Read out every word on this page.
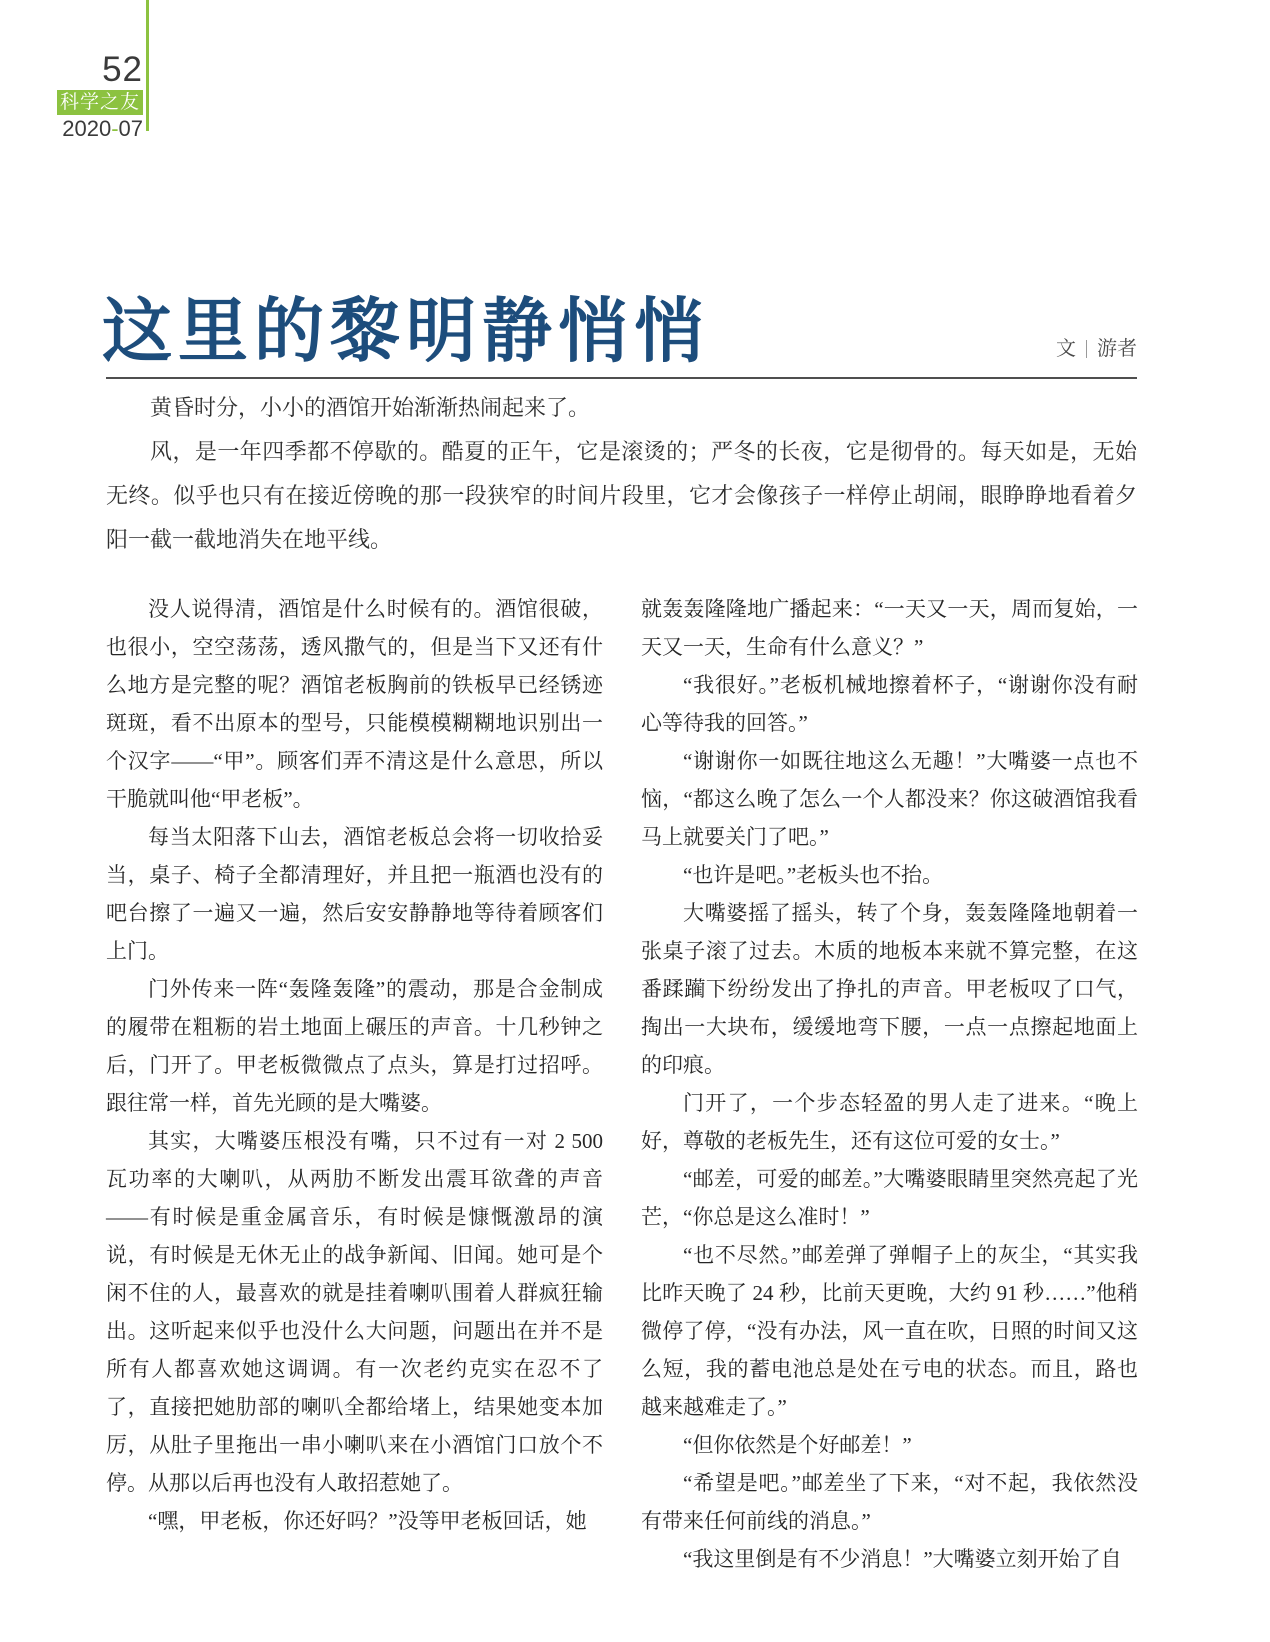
52
科学之友
2020-07
这里的黎明静悄悄	文 游者

黄昏时分，小小的酒馆开始渐渐热闹起来了。

风，是一年四季都不停歇的。酷夏的正午，它是滚烫的；严冬的长夜，它是彻骨的。每天如是，无始无终。似乎也只有在接近傍晚的那一段狭窄的时间片段里，它才会像孩子一样停止胡闹，眼睁睁地看着夕阳一截一截地消失在地平线。

没人说得清，酒馆是什么时候有的。酒馆很破，也很小，空空荡荡，透风撒气的，但是当下又还有什么地方是完整的呢？酒馆老板胸前的铁板早已经锈迹斑斑，看不出原本的型号，只能模模糊糊地识别出一个汉字——“甲”。顾客们弄不清这是什么意思，所以干脆就叫他“甲老板”。

每当太阳落下山去，酒馆老板总会将一切收拾妥当，桌子、椅子全都清理好，并且把一瓶酒也没有的吧台擦了一遍又一遍，然后安安静静地等待着顾客们上门。

门外传来一阵“轰隆轰隆”的震动，那是合金制成的履带在粗粝的岩土地面上碾压的声音。十几秒钟之后，门开了。甲老板微微点了点头，算是打过招呼。跟往常一样，首先光顾的是大嘴婆。

其实，大嘴婆压根没有嘴，只不过有一对 2 500 瓦功率的大喇叭，从两肋不断发出震耳欲聋的声音——有时候是重金属音乐，有时候是慷慨激昂的演说，有时候是无休无止的战争新闻、旧闻。她可是个闲不住的人，最喜欢的就是挂着喇叭围着人群疯狂输出。这听起来似乎也没什么大问题，问题出在并不是所有人都喜欢她这调调。有一次老约克实在忍不了了，直接把她肋部的喇叭全都给堵上，结果她变本加厉，从肚子里拖出一串小喇叭来在小酒馆门口放个不停。从那以后再也没有人敢招惹她了。

“嘿，甲老板，你还好吗？”没等甲老板回话，她

就轰轰隆隆地广播起来：“一天又一天，周而复始，一天又一天，生命有什么意义？”

“我很好。”老板机械地擦着杯子，“谢谢你没有耐心等待我的回答。”

“谢谢你一如既往地这么无趣！”大嘴婆一点也不恼，“都这么晚了怎么一个人都没来？你这破酒馆我看马上就要关门了吧。”

“也许是吧。”老板头也不抬。

大嘴婆摇了摇头，转了个身，轰轰隆隆地朝着一张桌子滚了过去。木质的地板本来就不算完整，在这番蹂躏下纷纷发出了挣扎的声音。甲老板叹了口气，掏出一大块布，缓缓地弯下腰，一点一点擦起地面上的印痕。

门开了，一个步态轻盈的男人走了进来。“晚上好，尊敬的老板先生，还有这位可爱的女士。”

“邮差，可爱的邮差。”大嘴婆眼睛里突然亮起了光芒，“你总是这么准时！”

“也不尽然。”邮差弹了弹帽子上的灰尘，“其实我比昨天晚了 24 秒，比前天更晚，大约 91 秒……”他稍微停了停，“没有办法，风一直在吹，日照的时间又这么短，我的蓄电池总是处在亏电的状态。而且，路也越来越难走了。”

“但你依然是个好邮差！”

“希望是吧。”邮差坐了下来，“对不起，我依然没有带来任何前线的消息。”

“我这里倒是有不少消息！”大嘴婆立刻开始了自
